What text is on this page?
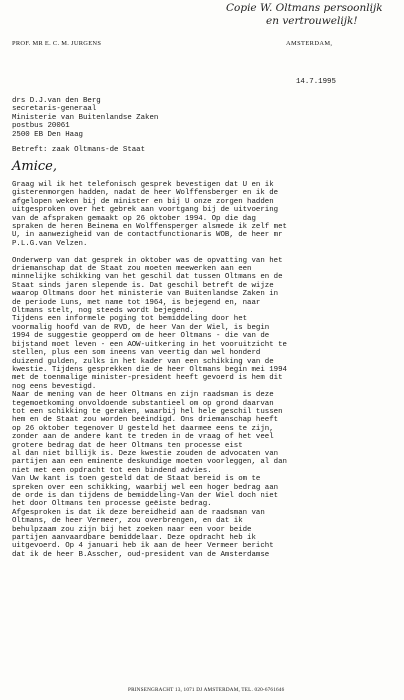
Copie W. Oltmans persoonlijk
en vertrouwelijk!
PROF. MR E. C. M. JURGENS	AMSTERDAM,
14.7.1995
drs D.J.van den Berg
secretaris-generaal
Ministerie van Buitenlandse Zaken
postbus 20061
2500 EB Den Haag
Betreft: zaak Oltmans-de Staat
Amice,
Graag wil ik het telefonisch gesprek bevestigen dat U en ik
gisterenmorgen hadden, nadat de heer Wolffensberger en ik de
afgelopen weken bij de minister en bij U onze zorgen hadden
uitgesproken over het gebrek aan voortgang bij de uitvoering
van de afspraken gemaakt op 26 oktober 1994. Op die dag
spraken de heren Beinema en Wolffensperger alsmede ik zelf met
U, in aanwezigheid van de contactfunctionaris WOB, de heer mr
P.L.G.van Velzen.
Onderwerp van dat gesprek in oktober was de opvatting van het
driemanschap dat de Staat zou moeten meewerken aan een
minnelijke schikking van het geschil dat tussen Oltmans en de
Staat sinds jaren slepende is. Dat geschil betreft de wijze
waarop Oltmans door het ministerie van Buitenlandse Zaken in
de periode Luns, met name tot 1964, is bejegend en, naar
Oltmans stelt, nog steeds wordt bejegend.
Tijdens een informele poging tot bemiddeling door het
voormalig hoofd van de RVD, de heer Van der Wiel, is begin
1994 de suggestie geopperd om de heer Oltmans - die van de
bijstand moet leven - een AOW-uitkering in het vooruitzicht te
stellen, plus een som ineens van veertig dan wel honderd
duizend gulden, zulks in het kader van een schikking van de
kwestie. Tijdens gesprekken die de heer Oltmans begin mei 1994
met de toenmalige minister-president heeft gevoerd is hem dit
nog eens bevestigd.
Naar de mening van de heer Oltmans en zijn raadsman is deze
tegemoetkoming onvoldoende substantieel om op grond daarvan
tot een schikking te geraken, waarbij hel hele geschil tussen
hem en de Staat zou worden beëindigd. Ons driemanschap heeft
op 26 oktober tegenover U gesteld het daarmee eens te zijn,
zonder aan de andere kant te treden in de vraag of het veel
grotere bedrag dat de heer Oltmans ten processe eist
al dan niet billijk is. Deze kwestie zouden de advocaten van
partijen aan een eminente deskundige moeten voorleggen, al dan
niet met een opdracht tot een bindend advies.
Van Uw kant is toen gesteld dat de Staat bereid is om te
spreken over een schikking, waarbij wel een hoger bedrag aan
de orde is dan tijdens de bemiddeling-Van der Wiel doch niet
het door Oltmans ten processe geëiste bedrag.
Afgesproken is dat ik deze bereidheid aan de raadsman van
Oltmans, de heer Vermeer, zou overbrengen, en dat ik
behulpzaam zou zijn bij het zoeken naar een voor beide
partijen aanvaardbare bemiddelaar. Deze opdracht heb ik
uitgevoerd. Op 4 januari heb ik aan de heer Vermeer bericht
dat ik de heer B.Asscher, oud-president van de Amsterdamse
PRINSENGRACHT 13, 1071 DJ AMSTERDAM, TEL. 020-6761646
